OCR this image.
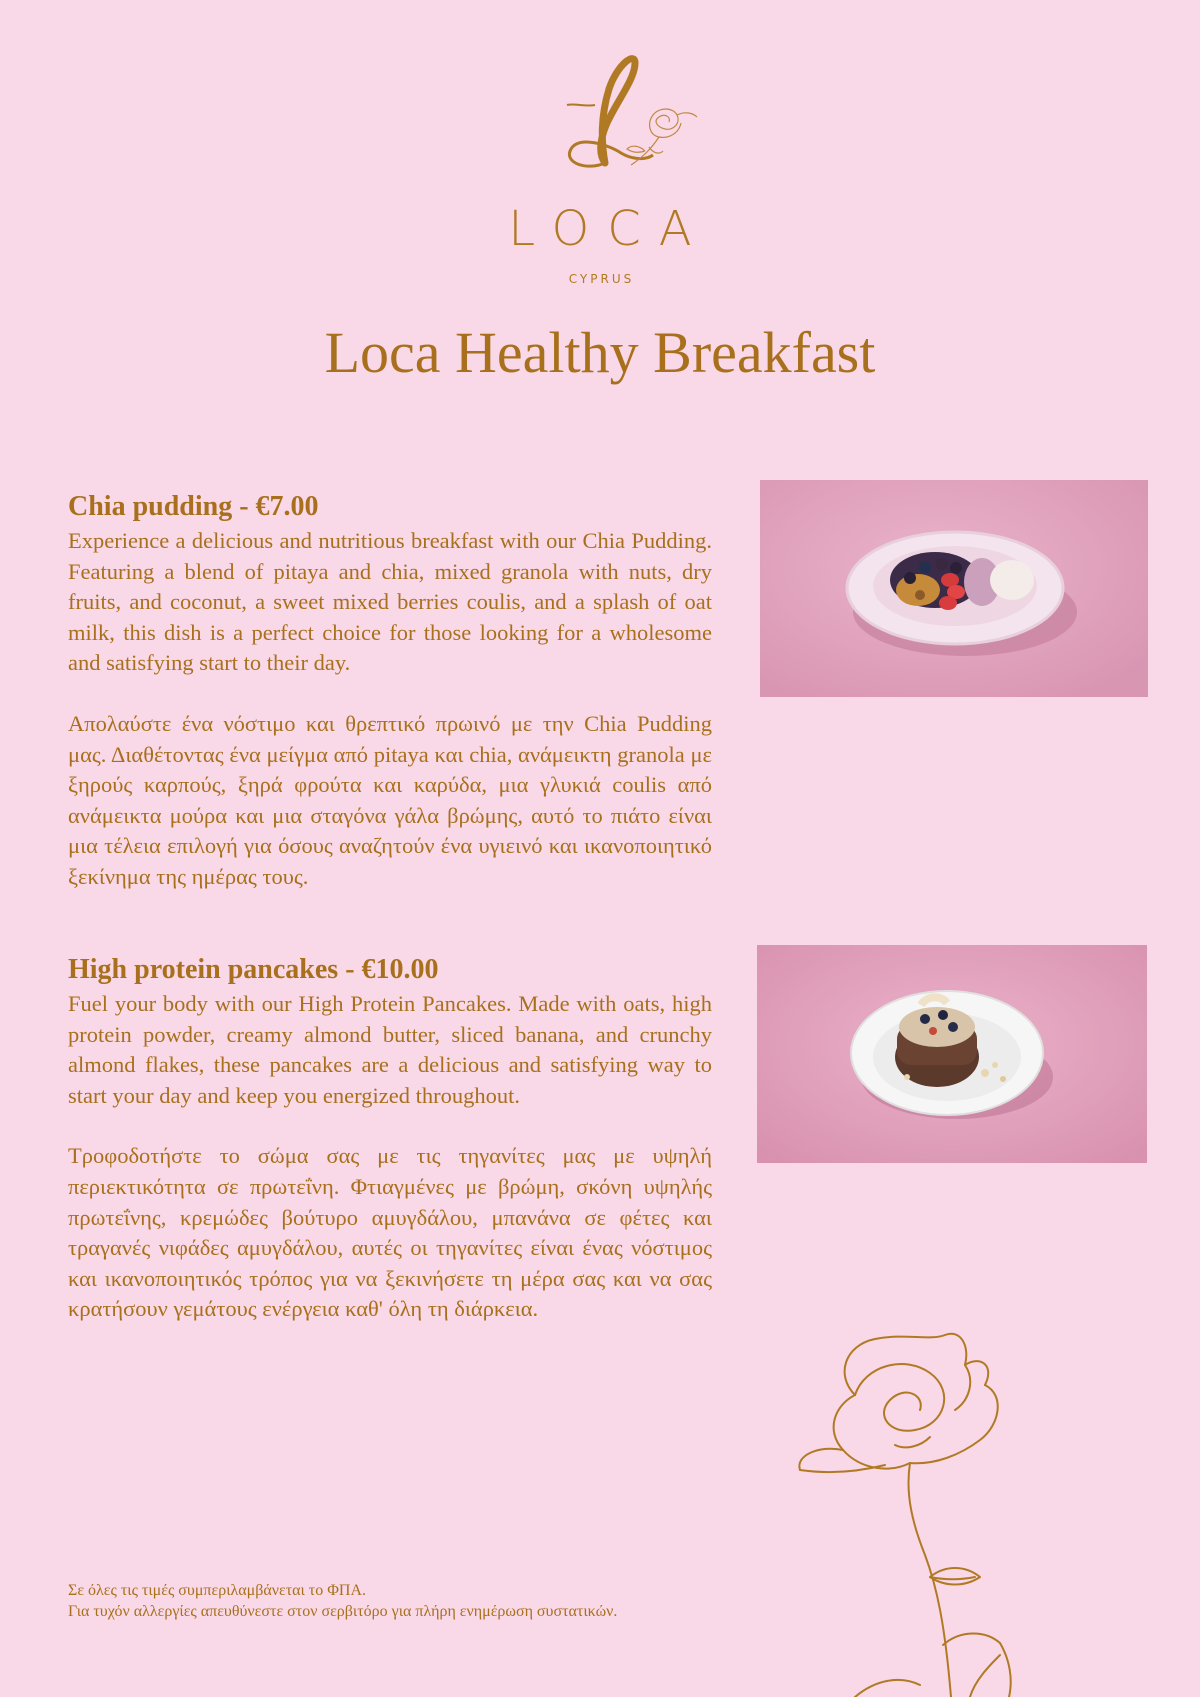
LOCA
CYPRUS
Loca Healthy Breakfast
Chia pudding - €7.00

Experience a delicious and nutritious breakfast with our Chia Pudding. Featuring a blend of pitaya and chia, mixed granola with nuts, dry fruits, and coconut, a sweet mixed berries coulis, and a splash of oat milk, this dish is a perfect choice for those looking for a wholesome and satisfying start to their day.

Απολαύστε ένα νόστιμο και θρεπτικό πρωινό με την Chia Pudding μας. Διαθέτοντας ένα μείγμα από pitaya και chia, ανάμεικτη granola με ξηρούς καρπούς, ξηρά φρούτα και καρύδα, μια γλυκιά coulis από ανάμεικτα μούρα και μια σταγόνα γάλα βρώμης, αυτό το πιάτο είναι μια τέλεια επιλογή για όσους αναζητούν ένα υγιεινό και ικανοποιητικό ξεκίνημα της ημέρας τους.

High protein pancakes - €10.00

Fuel your body with our High Protein Pancakes. Made with oats, high protein powder, creamy almond butter, sliced banana, and crunchy almond flakes, these pancakes are a delicious and satisfying way to start your day and keep you energized throughout.

Τροφοδοτήστε το σώμα σας με τις τηγανίτες μας με υψηλή περιεκτικότητα σε πρωτεΐνη. Φτιαγμένες με βρώμη, σκόνη υψηλής πρωτεΐνης, κρεμώδες βούτυρο αμυγδάλου, μπανάνα σε φέτες και τραγανές νιφάδες αμυγδάλου, αυτές οι τηγανίτες είναι ένας νόστιμος και ικανοποιητικός τρόπος για να ξεκινήσετε τη μέρα σας και να σας κρατήσουν γεμάτους ενέργεια καθ' όλη τη διάρκεια.

Σε όλες τις τιμές συμπεριλαμβάνεται το ΦΠΑ.

Για τυχόν αλλεργίες απευθύνεστε στον σερβιτόρο για πλήρη ενημέρωση συστατικών.
